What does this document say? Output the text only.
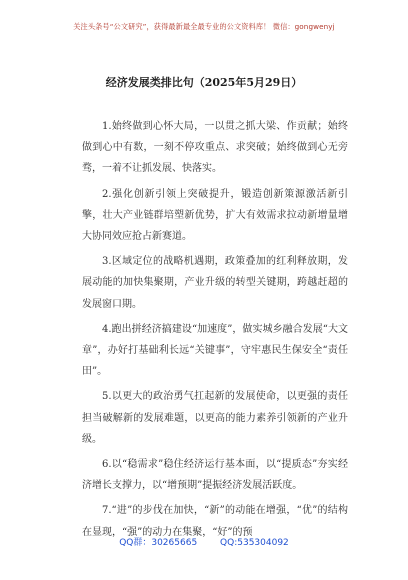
关注头条号“公文研究”，获得最新最全最专业的公文资料库！ 微信：gongwenyj
经济发展类排比句（2025年5月29日）

1.始终做到心怀大局，一以贯之抓大梁、作贡献；始终做到心中有数，一刻不停攻重点、求突破；始终做到心无旁骛，一着不让抓发展、快落实。

2.强化创新引领上突破提升，锻造创新策源激活新引擎，壮大产业链群培塑新优势，扩大有效需求拉动新增量增大协同效应抢占新赛道。

3.区域定位的战略机遇期，政策叠加的红利释放期，发展动能的加快集聚期，产业升级的转型关键期，跨越赶超的发展窗口期。

4.跑出拼经济搞建设“加速度”，做实城乡融合发展“大文章”，办好打基础利长远“关键事”，守牢惠民生保安全“责任田”。

5.以更大的政治勇气扛起新的发展使命，以更强的责任担当破解新的发展难题，以更高的能力素养引领新的产业升级。

6.以“稳需求”稳住经济运行基本面，以“提质态”夯实经济增长支撑力，以“增预期”提振经济发展活跃度。

7.“进”的步伐在加快，“新”的动能在增强，“优”的结构在显现，“强”的动力在集聚，“好”的预

QQ群：30265665	QQ:535304092
